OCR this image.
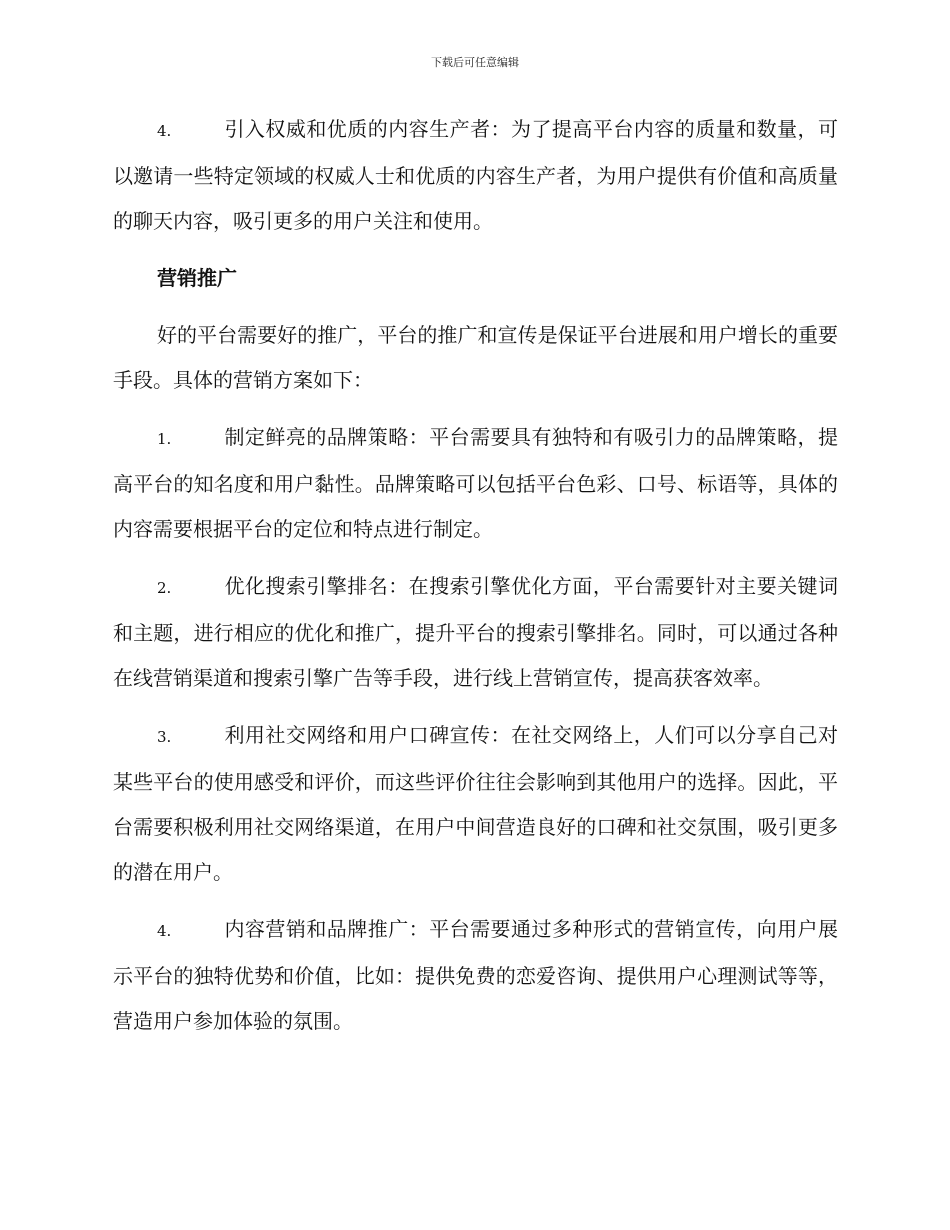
下载后可任意编辑

4.	引入权威和优质的内容生产者：为了提高平台内容的质量和数量，可以邀请一些特定领域的权威人士和优质的内容生产者，为用户提供有价值和高质量的聊天内容，吸引更多的用户关注和使用。

营销推广

好的平台需要好的推广，平台的推广和宣传是保证平台进展和用户增长的重要手段。具体的营销方案如下：

1.	制定鲜亮的品牌策略：平台需要具有独特和有吸引力的品牌策略，提高平台的知名度和用户黏性。品牌策略可以包括平台色彩、口号、标语等，具体的内容需要根据平台的定位和特点进行制定。

2.	优化搜索引擎排名：在搜索引擎优化方面，平台需要针对主要关键词和主题，进行相应的优化和推广，提升平台的搜索引擎排名。同时，可以通过各种在线营销渠道和搜索引擎广告等手段，进行线上营销宣传，提高获客效率。

3.	利用社交网络和用户口碑宣传：在社交网络上，人们可以分享自己对某些平台的使用感受和评价，而这些评价往往会影响到其他用户的选择。因此，平台需要积极利用社交网络渠道，在用户中间营造良好的口碑和社交氛围，吸引更多的潜在用户。

4.	内容营销和品牌推广：平台需要通过多种形式的营销宣传，向用户展示平台的独特优势和价值，比如：提供免费的恋爱咨询、提供用户心理测试等等，营造用户参加体验的氛围。
